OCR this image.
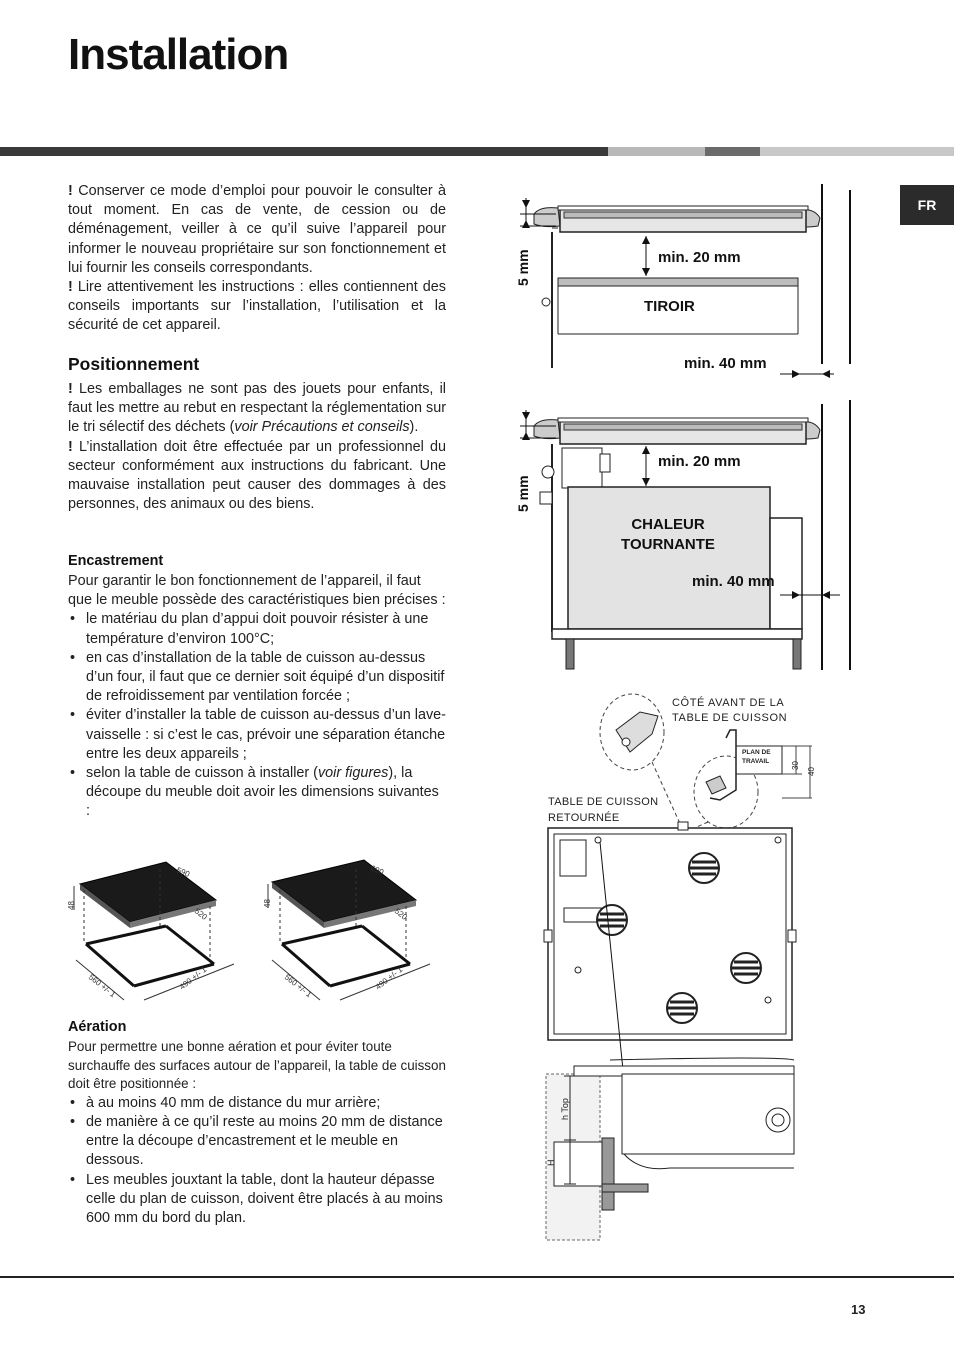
Installation
FR

! Conserver ce mode d’emploi pour pouvoir le consulter à tout moment. En cas de vente, de cession ou de déménagement, veiller à ce qu’il suive l’appareil pour informer le nouveau propriétaire sur son fonctionnement et lui fournir les conseils correspondants.

! Lire attentivement les instructions : elles contiennent des conseils importants sur l’installation, l’utilisation et la sécurité de cet appareil.

Positionnement

! Les emballages ne sont pas des jouets pour enfants, il faut les mettre au rebut en respectant la réglementation sur le tri sélectif des déchets (voir Précautions et conseils).

! L’installation doit être effectuée par un professionnel du secteur conformément aux instructions du fabricant. Une mauvaise installation peut causer des dommages à des personnes, des animaux ou des biens.

Encastrement

Pour garantir le bon fonctionnement de l’appareil, il faut que le meuble possède des caractéristiques bien précises :

• le matériau du plan d’appui doit pouvoir résister à une température d’environ 100°C;
• en cas d’installation de la table de cuisson au-dessus d’un four, il faut que ce dernier soit équipé d’un dispositif de refroidissement par ventilation forcée ;
• éviter d’installer la table de cuisson au-dessus d’un lave-vaisselle : si c’est le cas, prévoir une séparation étanche entre les deux appareils ;
• selon la table de cuisson à installer (voir figures), la découpe du meuble doit avoir les dimensions suivantes :
590
520
48
560 +/- 1	490 +/- 1
690
520
48
560 +/- 1	490 +/- 1
Aération

Pour permettre une bonne aération et pour éviter toute surchauffe des surfaces autour de l’appareil, la table de cuisson doit être positionnée :

• à au moins 40 mm de distance du mur arrière;
• de manière à ce qu’il reste au moins 20 mm de distance entre la découpe d’encastrement et le meuble en dessous.
• Les meubles jouxtant la table, dont la hauteur dépasse celle du plan de cuisson, doivent être placés à au moins 600 mm du bord du plan.
min. 20 mm
TIROIR
min. 40 mm
5 mm
min. 20 mm
CHALEUR
TOURNANTE
min. 40 mm
5 mm
CÔTÉ AVANT DE LA
TABLE DE CUISSON
PLAN DE
TRAVAIL	30
40
TABLE DE CUISSON
RETOURNÉE
h Top
H
13
